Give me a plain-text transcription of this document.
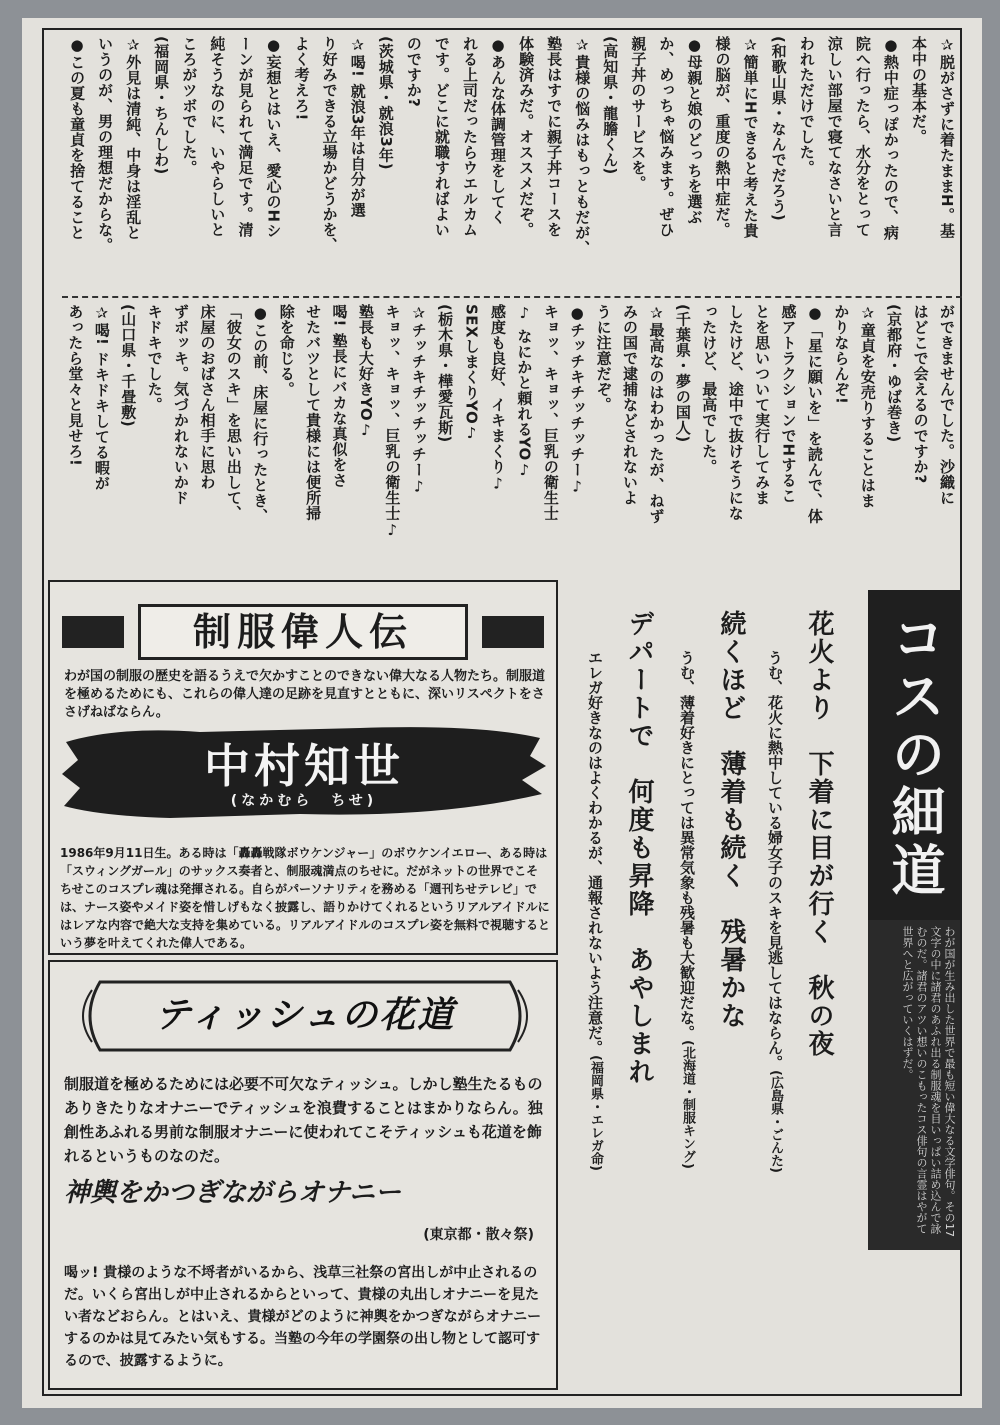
✰脱がさずに着たままH。基
本中の基本だ。
●熱中症っぽかったので、病
院へ行ったら、水分をとって
涼しい部屋で寝てなさいと言
われただけでした。
(和歌山県・なんでだろう)
✰簡単にHできると考えた貴
様の脳が、重度の熱中症だ。
●母親と娘のどっちを選ぶ
か、めっちゃ悩みます。ぜひ
親子丼のサービスを。
(高知県・龍膽くん)
✰貴様の悩みはもっともだが、
塾長はすでに親子丼コースを
体験済みだ。オススメだぞ。
●あんな体調管理をしてく
れる上司だったらウエルカム
です。どこに就職すればよい
のですか?
(茨城県・就浪3年)
✰喝! 就浪3年は自分が選
り好みできる立場かどうかを、
よく考えろ!
●妄想とはいえ、愛心のHシ
ーンが見られて満足です。清
純そうなのに、いやらしいと
ころがツボでした。
(福岡県・ちんしわ)
✰外見は清純、中身は淫乱と
いうのが、男の理想だからな。
●この夏も童貞を捨てること
ができませんでした。沙織に
はどこで会えるのですか?
(京都府・ゆば巻き)
✰童貞を安売りすることはま
かりならんぞ!
●「星に願いを」を読んで、体
感アトラクションでHするこ
とを思いついて実行してみま
したけど、途中で抜けそうにな
ったけど、最高でした。
(千葉県・夢の国人)
✰最高なのはわかったが、ねず
みの国で逮捕などされないよ
うに注意だぞ。
●チッチキチッチッチー♪
キョッ、キョッ、巨乳の衛生士
♪ なにかと頼れるYO♪
感度も良好、イキまくり♪
SEXしまくりYO♪
(栃木県・樺愛瓦斯)
✰チッチキチッチッチー♪
キョッ、キョッ、巨乳の衛生士♪
塾長も大好きYO♪
喝! 塾長にバカな真似をさ
せたバツとして貴様には便所掃
除を命じる。
●この前、床屋に行ったとき、
「彼女のスキ」を思い出して、
床屋のおばさん相手に思わ
ずボッキ。気づかれないかド
キドキでした。
(山口県・千畳敷)
✰喝! ドキドキしてる暇が
あったら堂々と見せろ!
制服偉人伝
わが国の制服の歴史を語るうえで欠かすことのできない偉大なる人物たち。制服道を極めるためにも、これらの偉人達の足跡を見直すとともに、深いリスペクトをささげねばならん。
中村知世
(なかむら　ちせ)
1986年9月11日生。ある時は「轟轟戦隊ボウケンジャー」のボウケンイエロー、ある時は「スウィングガール」のサックス奏者と、制服魂満点のちせに。だがネットの世界でこそちせこのコスプレ魂は発揮される。自らがパーソナリティを務める「週刊ちせテレビ」では、ナース姿やメイド姿を惜しげもなく披露し、語りかけてくれるというリアルアイドルにはレアな内容で絶大な支持を集めている。リアルアイドルのコスプレ姿を無料で視聴するという夢を叶えてくれた偉人である。
ティッシュの花道
制服道を極めるためには必要不可欠なティッシュ。しかし塾生たるものありきたりなオナニーでティッシュを浪費することはまかりならん。独創性あふれる男前な制服オナニーに使われてこそティッシュも花道を飾れるというものなのだ。
神輿をかつぎながらオナニー
(東京都・散々祭)
喝ッ! 貴様のような不埒者がいるから、浅草三社祭の宮出しが中止されるのだ。いくら宮出しが中止されるからといって、貴様の丸出しオナニーを見たい者などおらん。とはいえ、貴様がどのように神輿をかつぎながらオナニーするのかは見てみたい気もする。当塾の今年の学園祭の出し物として認可するので、披露するように。
コスの細道
わが国が生み出した世界で最も短い偉大なる文学俳句。その17文字の中に諸君のあふれ出る制服魂を目いっぱい詰め込んで詠むのだ。諸君のアツい想いのこもったコス俳句の言霊はやがて世界へと広がっていくはずだ。
花火より　下着に目が行く　秋の夜
うむ、花火に熱中している婦女子のスキを見逃してはならん。(広島県・ごんた)
続くほど　薄着も続く　残暑かな
うむ、薄着好きにとっては異常気象も残暑も大歓迎だな。(北海道・制服キング)
デパートで　何度も昇降　あやしまれ
エレガ好きなのはよくわかるが、通報されないよう注意だ。(福岡県・エレガ命)
